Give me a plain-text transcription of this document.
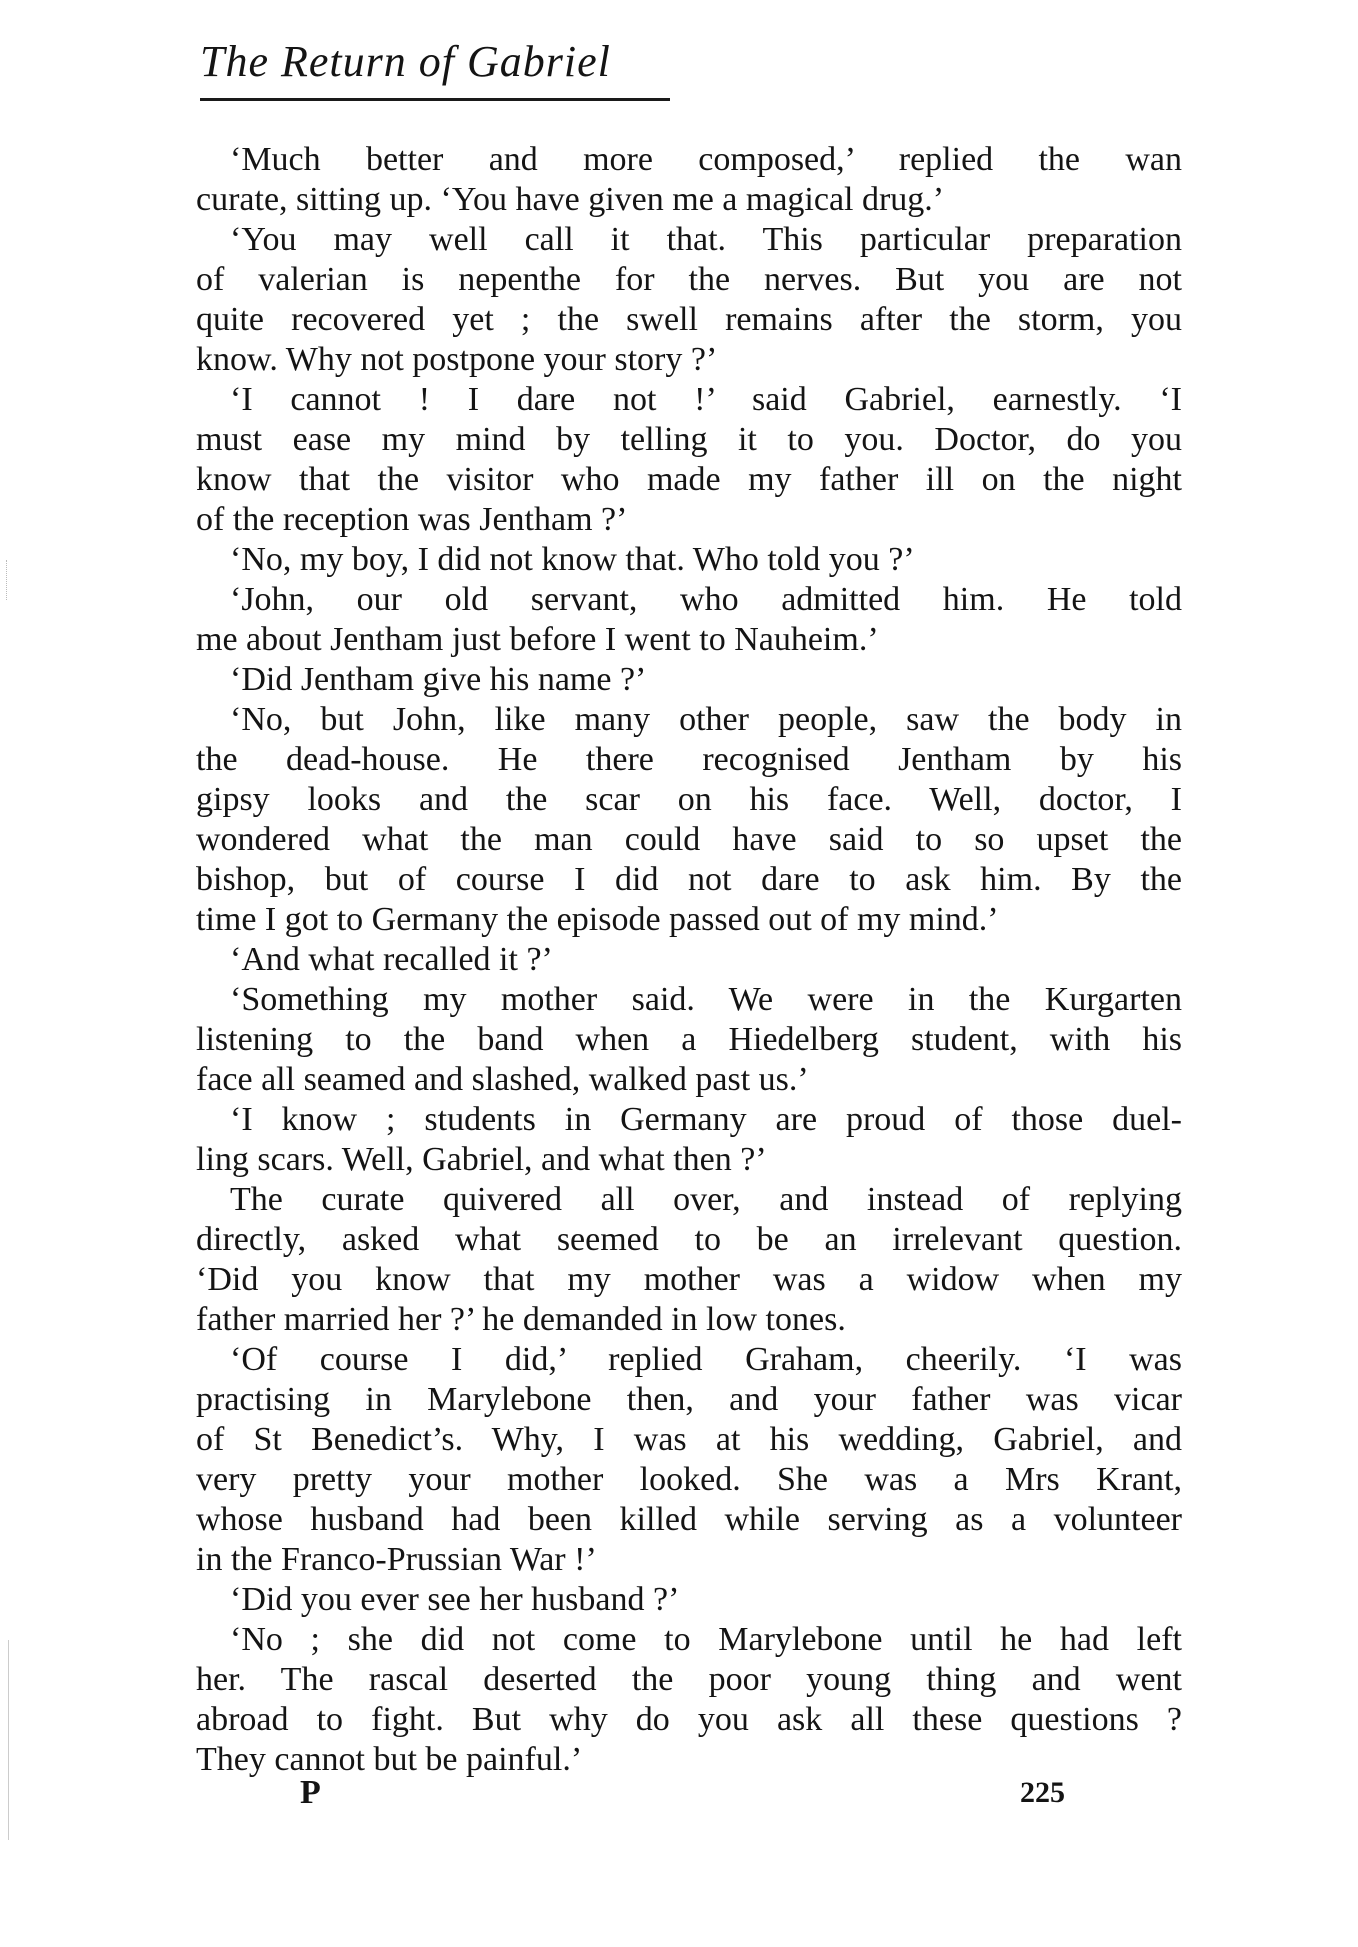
The Return of Gabriel
‘Much better and more composed,’ replied the wan
curate, sitting up. ‘You have given me a magical drug.’
‘You may well call it that. This particular preparation
of valerian is nepenthe for the nerves. But you are not
quite recovered yet ; the swell remains after the storm, you
know. Why not postpone your story ?’
‘I cannot ! I dare not !’ said Gabriel, earnestly. ‘I
must ease my mind by telling it to you. Doctor, do you
know that the visitor who made my father ill on the night
of the reception was Jentham ?’
‘No, my boy, I did not know that. Who told you ?’
‘John, our old servant, who admitted him. He told
me about Jentham just before I went to Nauheim.’
‘Did Jentham give his name ?’
‘No, but John, like many other people, saw the body in
the dead-house. He there recognised Jentham by his
gipsy looks and the scar on his face. Well, doctor, I
wondered what the man could have said to so upset the
bishop, but of course I did not dare to ask him. By the
time I got to Germany the episode passed out of my mind.’
‘And what recalled it ?’
‘Something my mother said. We were in the Kurgarten
listening to the band when a Hiedelberg student, with his
face all seamed and slashed, walked past us.’
‘I know ; students in Germany are proud of those duel-
ling scars. Well, Gabriel, and what then ?’
The curate quivered all over, and instead of replying
directly, asked what seemed to be an irrelevant question.
‘Did you know that my mother was a widow when my
father married her ?’ he demanded in low tones.
‘Of course I did,’ replied Graham, cheerily. ‘I was
practising in Marylebone then, and your father was vicar
of St Benedict’s. Why, I was at his wedding, Gabriel, and
very pretty your mother looked. She was a Mrs Krant,
whose husband had been killed while serving as a volunteer
in the Franco-Prussian War !’
‘Did you ever see her husband ?’
‘No ; she did not come to Marylebone until he had left
her. The rascal deserted the poor young thing and went
abroad to fight. But why do you ask all these questions ?
They cannot but be painful.’
P	225
